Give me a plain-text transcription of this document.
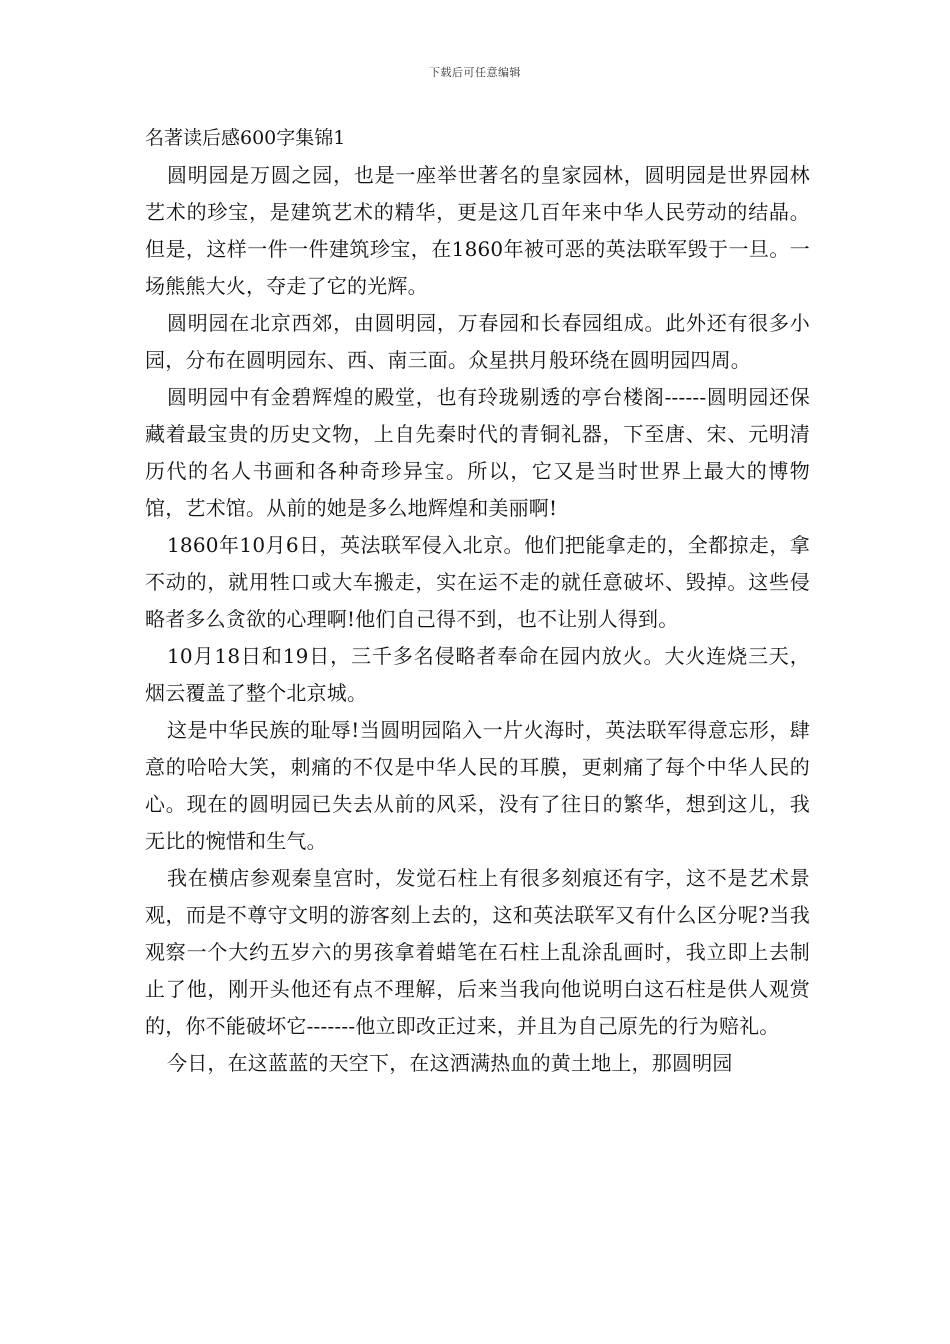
下载后可任意编辑
名著读后感600字集锦1

圆明园是万圆之园，也是一座举世著名的皇家园林，圆明园是世界园林艺术的珍宝，是建筑艺术的精华，更是这几百年来中华人民劳动的结晶。但是，这样一件一件建筑珍宝，在1860年被可恶的英法联军毁于一旦。一场熊熊大火，夺走了它的光辉。

圆明园在北京西郊，由圆明园，万春园和长春园组成。此外还有很多小园，分布在圆明园东、西、南三面。众星拱月般环绕在圆明园四周。

圆明园中有金碧辉煌的殿堂，也有玲珑剔透的亭台楼阁------圆明园还保藏着最宝贵的历史文物，上自先秦时代的青铜礼器，下至唐、宋、元明清历代的名人书画和各种奇珍异宝。所以，它又是当时世界上最大的博物馆，艺术馆。从前的她是多么地辉煌和美丽啊!

1860年10月6日，英法联军侵入北京。他们把能拿走的，全都掠走，拿不动的，就用牲口或大车搬走，实在运不走的就任意破坏、毁掉。这些侵略者多么贪欲的心理啊!他们自己得不到，也不让别人得到。

10月18日和19日，三千多名侵略者奉命在园内放火。大火连烧三天，烟云覆盖了整个北京城。

这是中华民族的耻辱!当圆明园陷入一片火海时，英法联军得意忘形，肆意的哈哈大笑，刺痛的不仅是中华人民的耳膜，更刺痛了每个中华人民的心。现在的圆明园已失去从前的风采，没有了往日的繁华，想到这儿，我无比的惋惜和生气。

我在横店参观秦皇宫时，发觉石柱上有很多刻痕还有字，这不是艺术景观，而是不尊守文明的游客刻上去的，这和英法联军又有什么区分呢?当我观察一个大约五岁六的男孩拿着蜡笔在石柱上乱涂乱画时，我立即上去制止了他，刚开头他还有点不理解，后来当我向他说明白这石柱是供人观赏的，你不能破坏它-------他立即改正过来，并且为自己原先的行为赔礼。

今日，在这蓝蓝的天空下，在这洒满热血的黄土地上，那圆明园
